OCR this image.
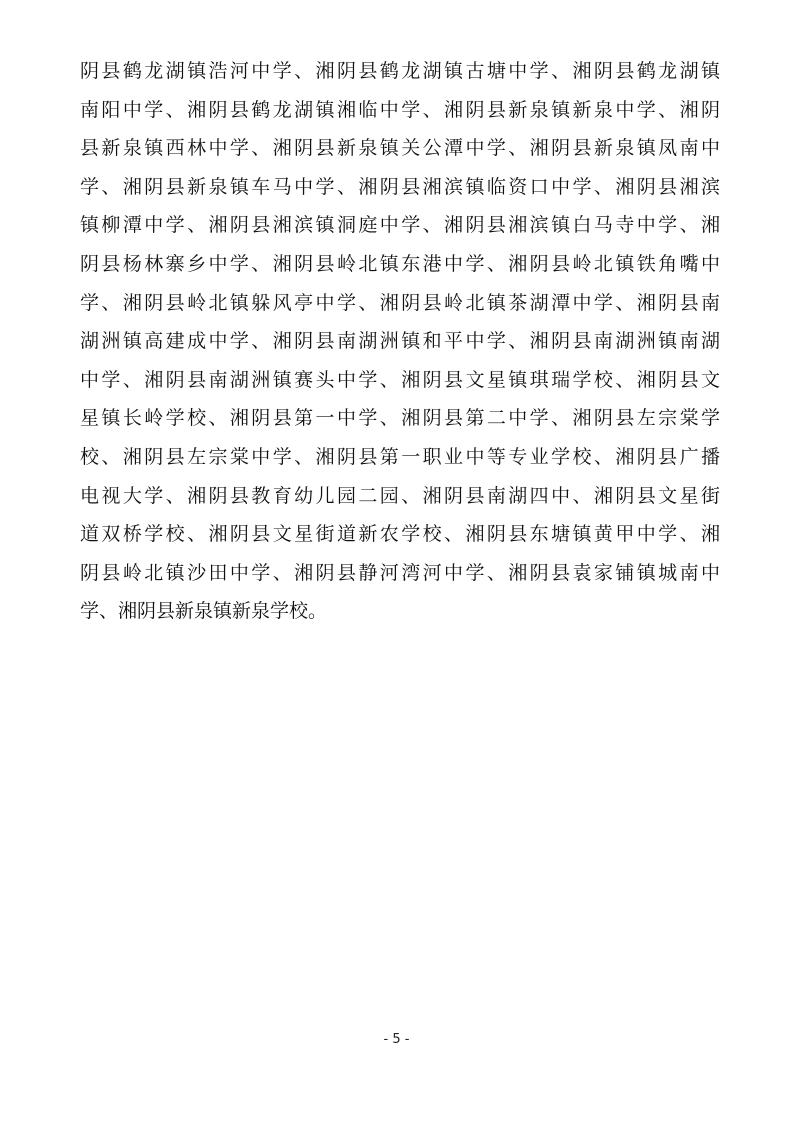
阴县鹤龙湖镇浩河中学、湘阴县鹤龙湖镇古塘中学、湘阴县鹤龙湖镇
南阳中学、湘阴县鹤龙湖镇湘临中学、湘阴县新泉镇新泉中学、湘阴
县新泉镇西林中学、湘阴县新泉镇关公潭中学、湘阴县新泉镇凤南中
学、湘阴县新泉镇车马中学、湘阴县湘滨镇临资口中学、湘阴县湘滨
镇柳潭中学、湘阴县湘滨镇洞庭中学、湘阴县湘滨镇白马寺中学、湘
阴县杨林寨乡中学、湘阴县岭北镇东港中学、湘阴县岭北镇铁角嘴中
学、湘阴县岭北镇躲风亭中学、湘阴县岭北镇茶湖潭中学、湘阴县南
湖洲镇高建成中学、湘阴县南湖洲镇和平中学、湘阴县南湖洲镇南湖
中学、湘阴县南湖洲镇赛头中学、湘阴县文星镇琪瑞学校、湘阴县文
星镇长岭学校、湘阴县第一中学、湘阴县第二中学、湘阴县左宗棠学
校、湘阴县左宗棠中学、湘阴县第一职业中等专业学校、湘阴县广播
电视大学、湘阴县教育幼儿园二园、湘阴县南湖四中、湘阴县文星街
道双桥学校、湘阴县文星街道新农学校、湘阴县东塘镇黄甲中学、湘
阴县岭北镇沙田中学、湘阴县静河湾河中学、湘阴县袁家铺镇城南中
学、湘阴县新泉镇新泉学校。
- 5 -
